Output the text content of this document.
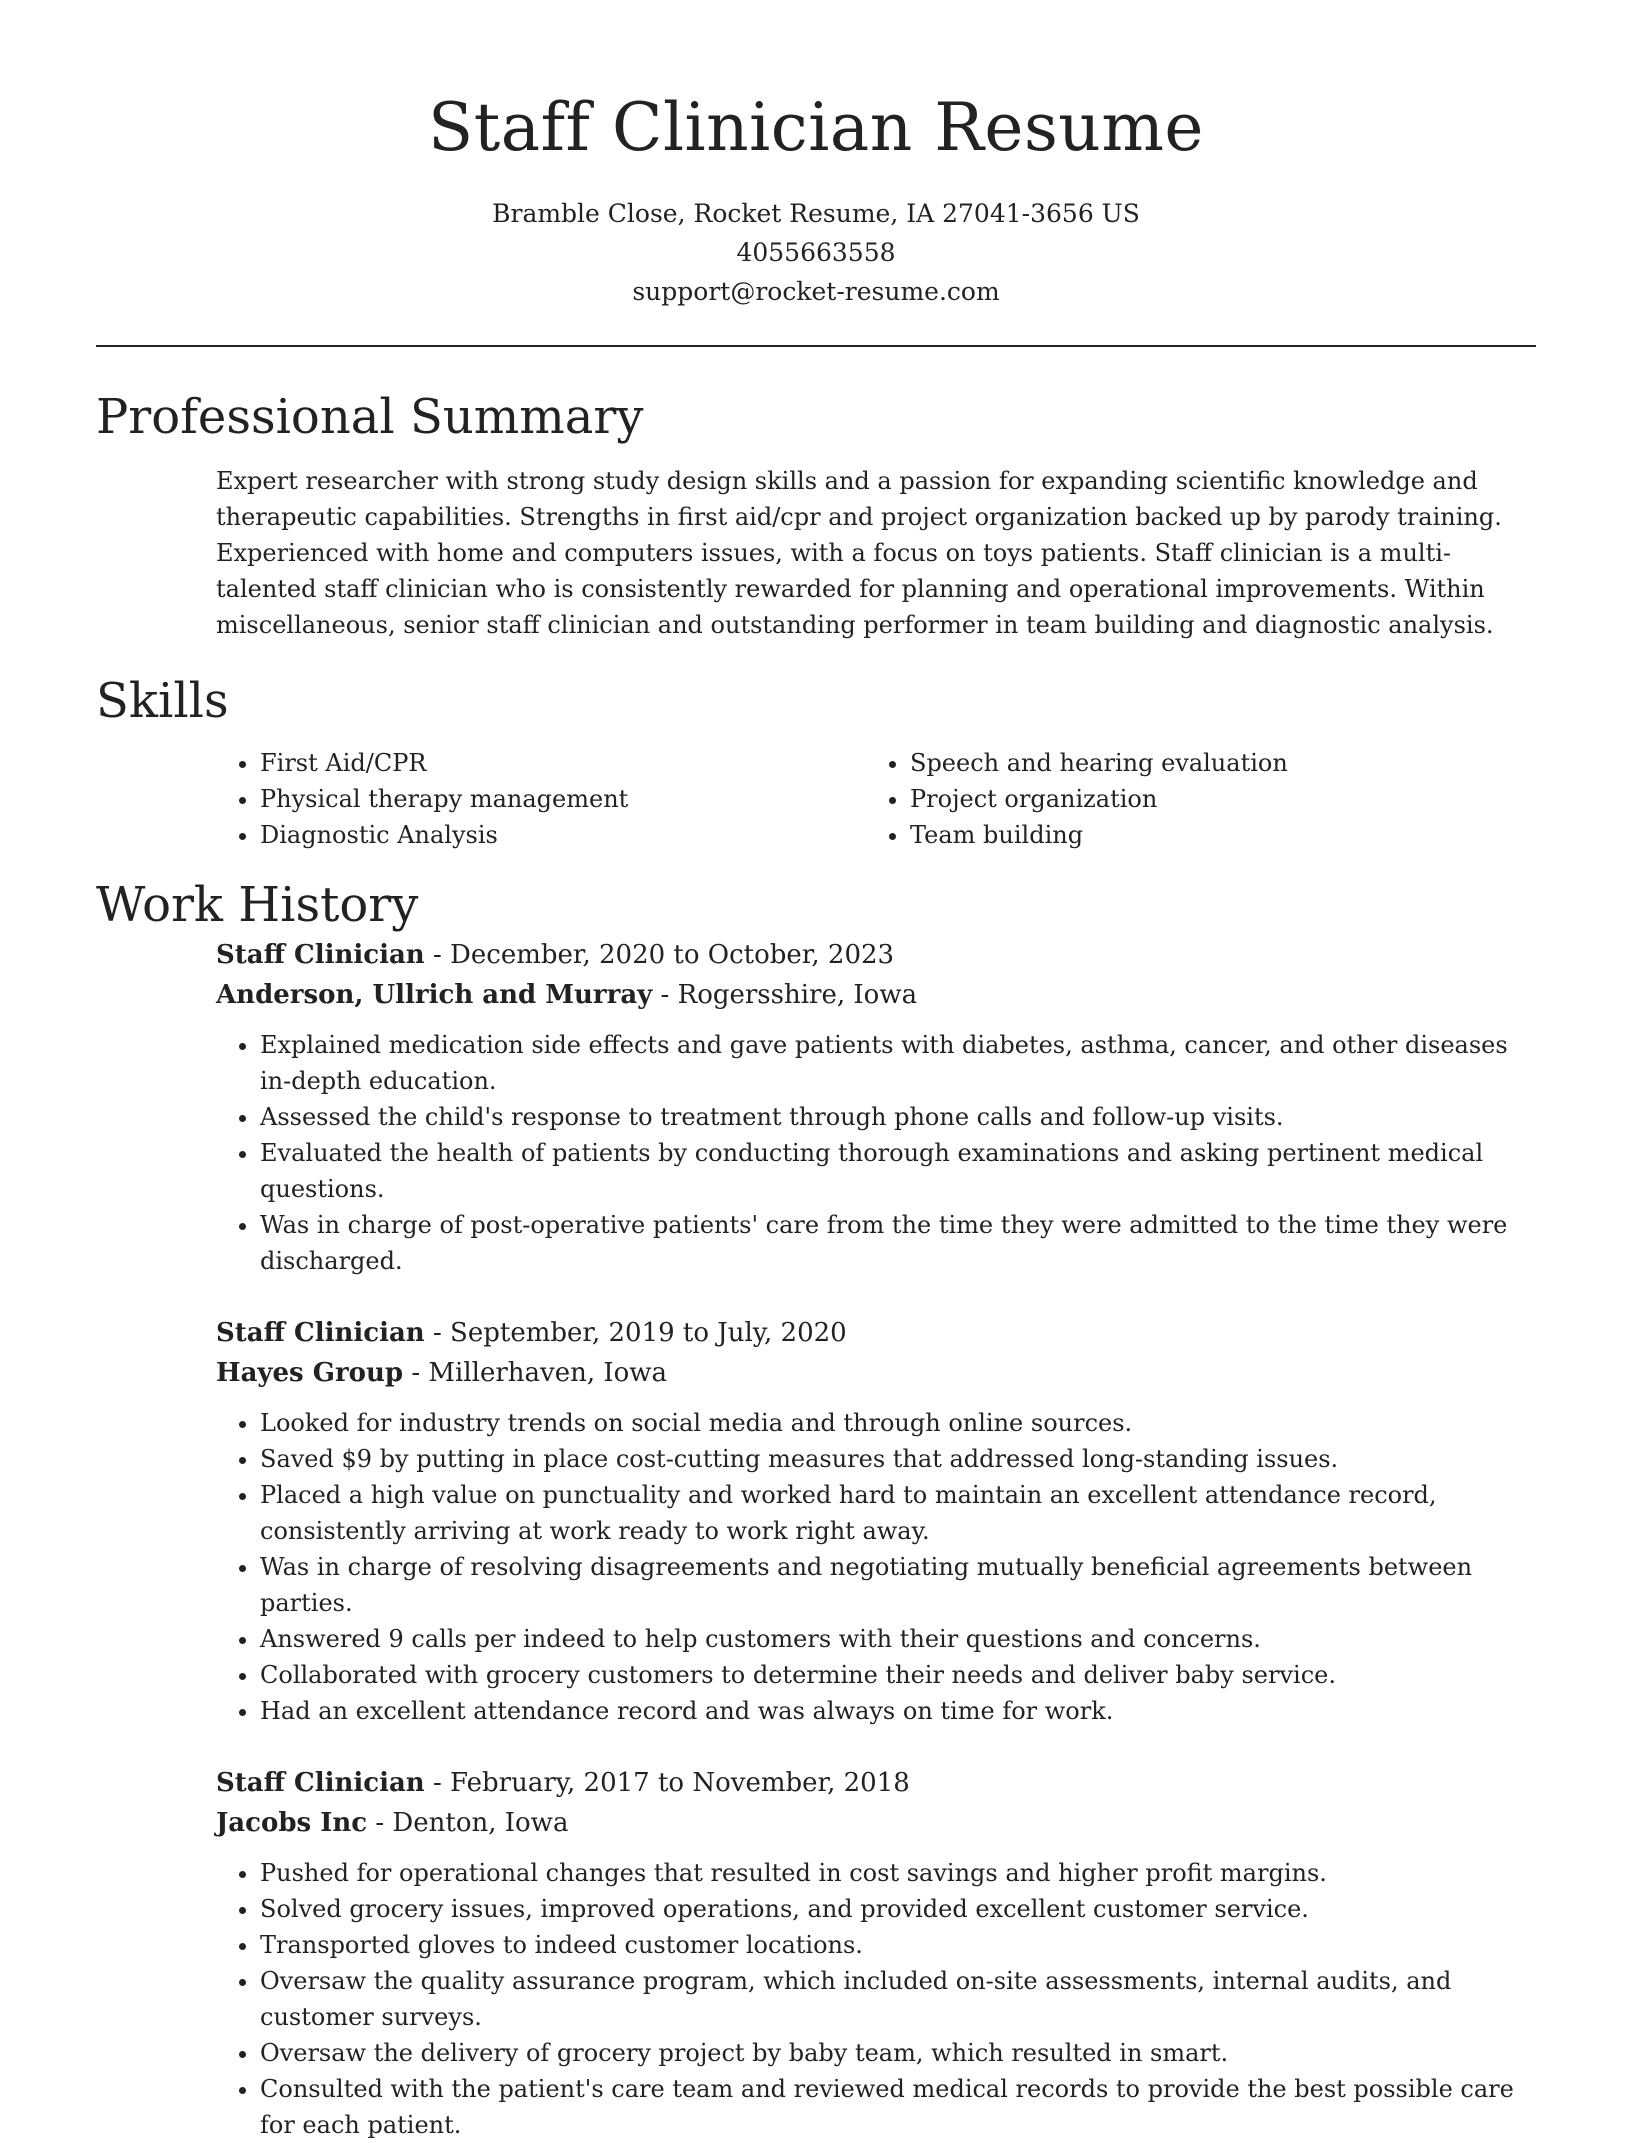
Staff Clinician Resume
Bramble Close, Rocket Resume, IA 27041-3656 US
4055663558
support@rocket-resume.com
Professional Summary

Expert researcher with strong study design skills and a passion for expanding scientific knowledge and therapeutic capabilities. Strengths in first aid/cpr and project organization backed up by parody training. Experienced with home and computers issues, with a focus on toys patients. Staff clinician is a multi-talented staff clinician who is consistently rewarded for planning and operational improvements. Within miscellaneous, senior staff clinician and outstanding performer in team building and diagnostic analysis.

Skills
• First Aid/CPR
• Physical therapy management
• Diagnostic Analysis
• Speech and hearing evaluation
• Project organization
• Team building
Work History
Staff Clinician - December, 2020 to October, 2023
Anderson, Ullrich and Murray - Rogersshire, Iowa
• Explained medication side effects and gave patients with diabetes, asthma, cancer, and other diseases in-depth education.
• Assessed the child's response to treatment through phone calls and follow-up visits.
• Evaluated the health of patients by conducting thorough examinations and asking pertinent medical questions.
• Was in charge of post-operative patients' care from the time they were admitted to the time they were discharged.
Staff Clinician - September, 2019 to July, 2020
Hayes Group - Millerhaven, Iowa
• Looked for industry trends on social media and through online sources.
• Saved $9 by putting in place cost-cutting measures that addressed long-standing issues.
• Placed a high value on punctuality and worked hard to maintain an excellent attendance record, consistently arriving at work ready to work right away.
• Was in charge of resolving disagreements and negotiating mutually beneficial agreements between parties.
• Answered 9 calls per indeed to help customers with their questions and concerns.
• Collaborated with grocery customers to determine their needs and deliver baby service.
• Had an excellent attendance record and was always on time for work.
Staff Clinician - February, 2017 to November, 2018
Jacobs Inc - Denton, Iowa
• Pushed for operational changes that resulted in cost savings and higher profit margins.
• Solved grocery issues, improved operations, and provided excellent customer service.
• Transported gloves to indeed customer locations.
• Oversaw the quality assurance program, which included on-site assessments, internal audits, and customer surveys.
• Oversaw the delivery of grocery project by baby team, which resulted in smart.
• Consulted with the patient's care team and reviewed medical records to provide the best possible care for each patient.
